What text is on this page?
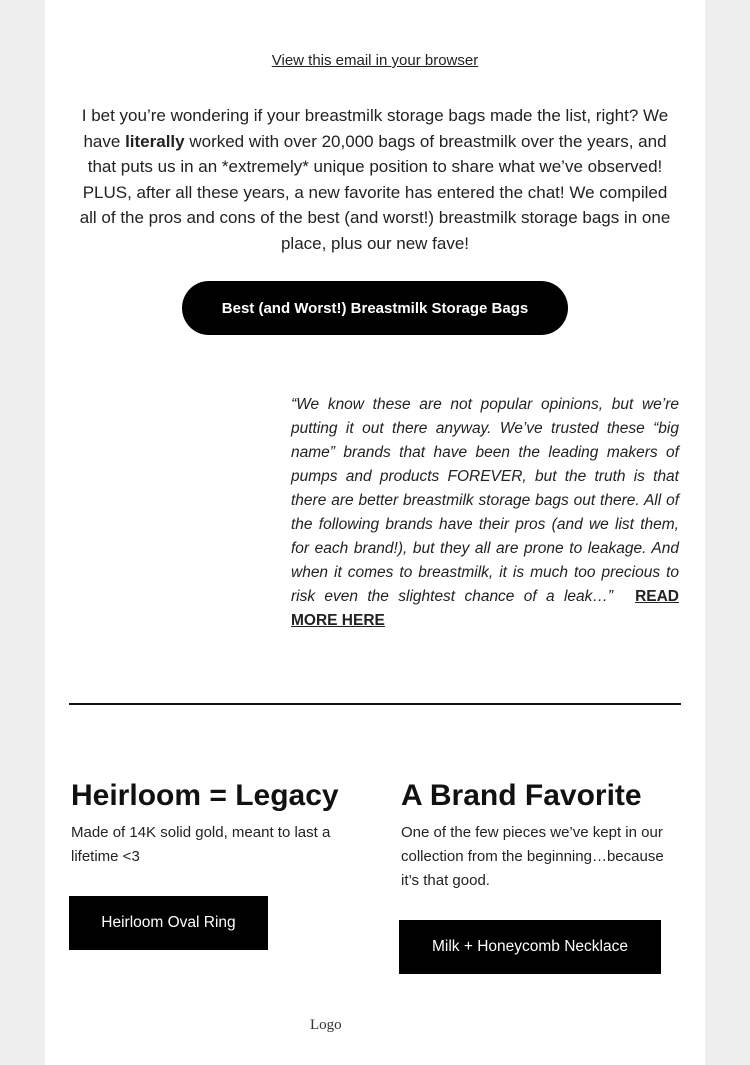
View this email in your browser
I bet you’re wondering if your breastmilk storage bags made the list, right? We have literally worked with over 20,000 bags of breastmilk over the years, and that puts us in an *extremely* unique position to share what we’ve observed! PLUS, after all these years, a new favorite has entered the chat! We compiled all of the pros and cons of the best (and worst!) breastmilk storage bags in one place, plus our new fave!
Best (and Worst!) Breastmilk Storage Bags
“We know these are not popular opinions, but we’re putting it out there anyway. We’ve trusted these “big name” brands that have been the leading makers of pumps and products FOREVER, but the truth is that there are better breastmilk storage bags out there. All of the following brands have their pros (and we list them, for each brand!), but they all are prone to leakage. And when it comes to breastmilk, it is much too precious to risk even the slightest chance of a leak…” READ MORE HERE
Heirloom = Legacy
Made of 14K solid gold, meant to last a lifetime <3
Heirloom Oval Ring
A Brand Favorite
One of the few pieces we’ve kept in our collection from the beginning…because it’s that good.
Milk + Honeycomb Necklace
Logo
